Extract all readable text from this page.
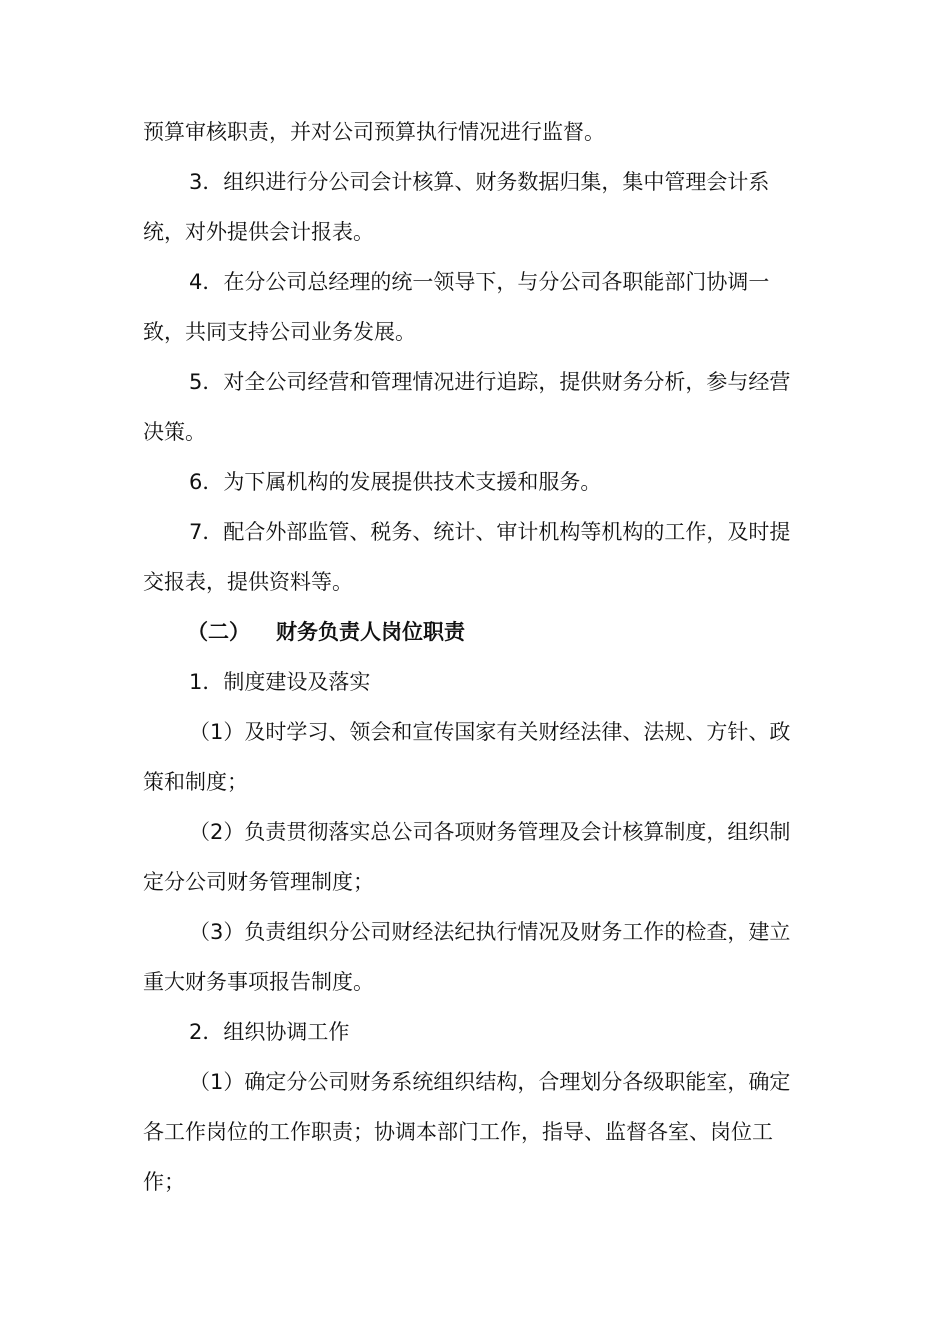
预算审核职责，并对公司预算执行情况进行监督。

3．组织进行分公司会计核算、财务数据归集，集中管理会计系统，对外提供会计报表。

4．在分公司总经理的统一领导下，与分公司各职能部门协调一致，共同支持公司业务发展。

5．对全公司经营和管理情况进行追踪，提供财务分析，参与经营决策。

6．为下属机构的发展提供技术支援和服务。

7．配合外部监管、税务、统计、审计机构等机构的工作，及时提交报表，提供资料等。

（二） 财务负责人岗位职责

1．制度建设及落实

（1）及时学习、领会和宣传国家有关财经法律、法规、方针、政策和制度；

（2）负责贯彻落实总公司各项财务管理及会计核算制度，组织制定分公司财务管理制度；

（3）负责组织分公司财经法纪执行情况及财务工作的检查，建立重大财务事项报告制度。

2．组织协调工作

（1）确定分公司财务系统组织结构，合理划分各级职能室，确定各工作岗位的工作职责；协调本部门工作，指导、监督各室、岗位工作；
